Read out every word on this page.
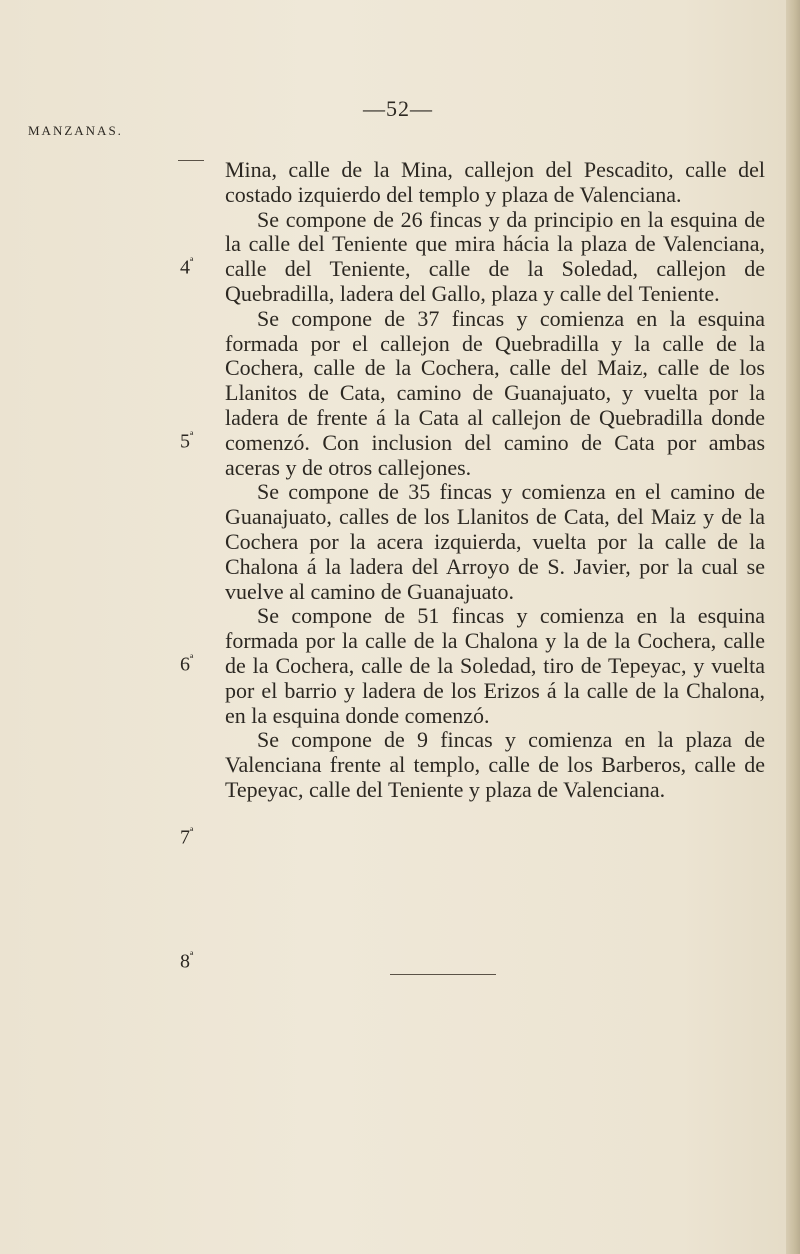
—52—
MANZANAS.
$4^ª$
$5^ª$
$6^ª$
$7^ª$
$8^ª$

Mina, calle de la Mina, callejon del Pescadito, calle del costado izquierdo del templo y plaza de Valenciana.

Se compone de 26 fincas y da principio en la esquina de la calle del Teniente que mira hácia la plaza de Valenciana, calle del Teniente, calle de la Soledad, callejon de Quebradilla, ladera del Gallo, plaza y calle del Teniente.

Se compone de 37 fincas y comienza en la esquina formada por el callejon de Quebradilla y la calle de la Cochera, calle de la Cochera, calle del Maiz, calle de los Llanitos de Cata, camino de Guanajuato, y vuelta por la ladera de frente á la Cata al callejon de Quebradilla donde comenzó. Con inclusion del camino de Cata por ambas aceras y de otros callejones.

Se compone de 35 fincas y comienza en el camino de Guanajuato, calles de los Llanitos de Cata, del Maiz y de la Cochera por la acera izquierda, vuelta por la calle de la Chalona á la ladera del Arroyo de S. Javier, por la cual se vuelve al camino de Guanajuato.

Se compone de 51 fincas y comienza en la esquina formada por la calle de la Chalona y la de la Cochera, calle de la Cochera, calle de la Soledad, tiro de Tepeyac, y vuelta por el barrio y ladera de los Erizos á la calle de la Chalona, en la esquina donde comenzó.

Se compone de 9 fincas y comienza en la plaza de Valenciana frente al templo, calle de los Barberos, calle de Tepeyac, calle del Teniente y plaza de Valenciana.
